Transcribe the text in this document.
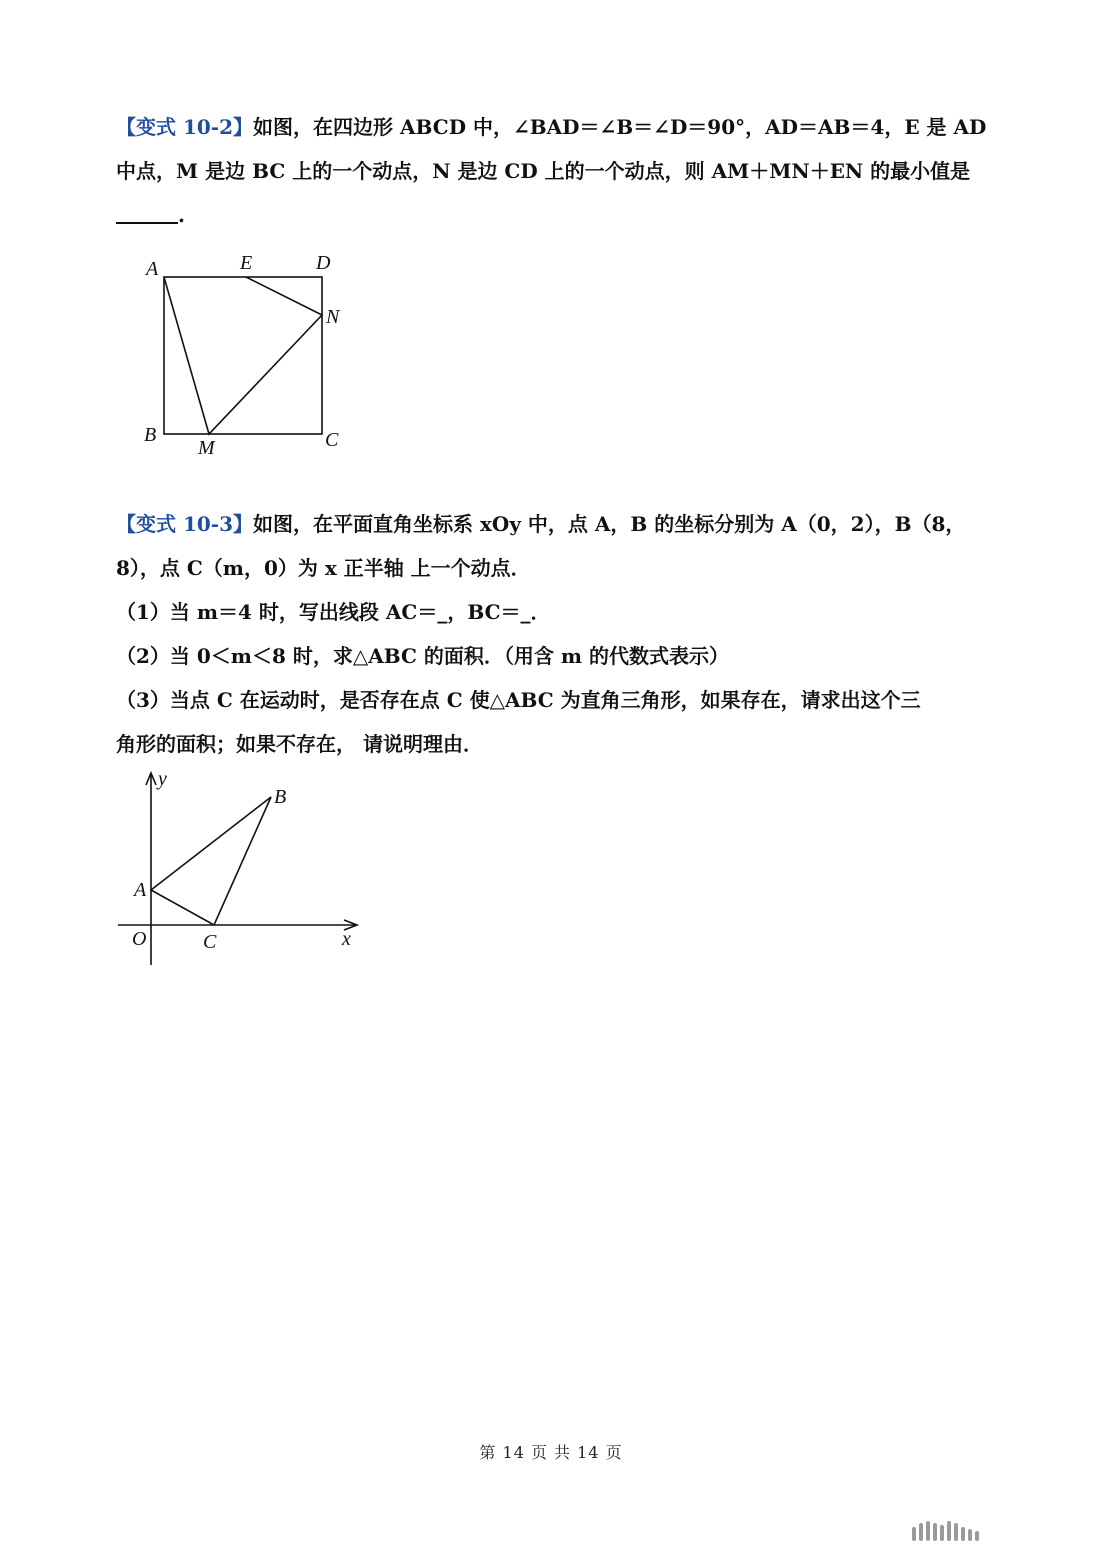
【变式 10-2】如图，在四边形 ABCD 中，∠BAD＝∠B＝∠D＝90°，AD＝AB＝4，E 是 AD
中点，M 是边 BC 上的一个动点，N 是边 CD 上的一个动点，则 AM＋MN＋EN 的最小值是
.
A	E	D
N
B
M	C
【变式 10-3】如图，在平面直角坐标系 xOy 中，点 A，B 的坐标分别为 A（0，2），B（8，
8），点 C（m，0）为 x 正半轴 上一个动点．
（1）当 m＝4 时，写出线段 AC＝_，BC＝_．
（2）当 0＜m＜8 时，求△ABC 的面积．（用含 m 的代数式表示）
（3）当点 C 在运动时，是否存在点 C 使△ABC 为直角三角形，如果存在，请求出这个三
角形的面积；如果不存在， 请说明理由．
y
B
A
O	C	x
第 14 页 共 14 页
